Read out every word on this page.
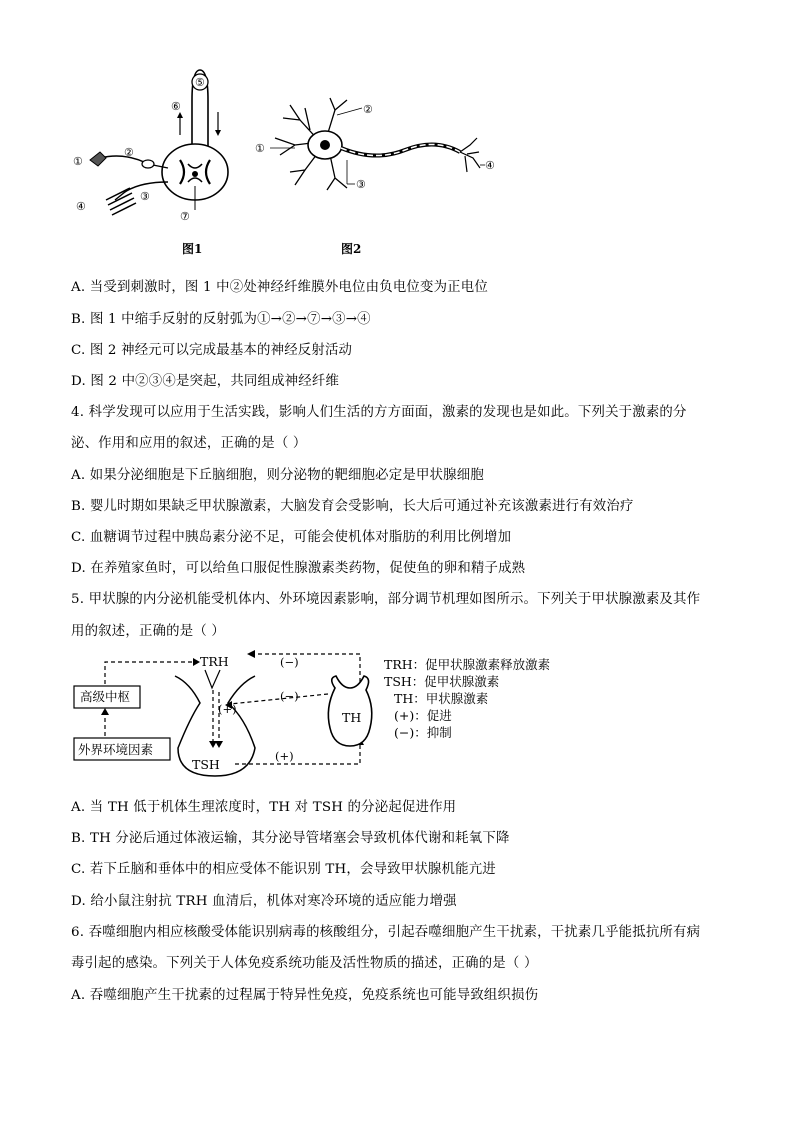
⑤
⑥
①
②
③
④
⑦
图1
②
①
③
④
图2
A. 当受到刺激时，图 1 中②处神经纤维膜外电位由负电位变为正电位
B. 图 1 中缩手反射的反射弧为①→②→⑦→③→④
C. 图 2 神经元可以完成最基本的神经反射活动
D. 图 2 中②③④是突起，共同组成神经纤维
4. 科学发现可以应用于生活实践，影响人们生活的方方面面，激素的发现也是如此。下列关于激素的分
泌、作用和应用的叙述，正确的是（ ）
A. 如果分泌细胞是下丘脑细胞，则分泌物的靶细胞必定是甲状腺细胞
B. 婴儿时期如果缺乏甲状腺激素，大脑发育会受影响，长大后可通过补充该激素进行有效治疗
C. 血糖调节过程中胰岛素分泌不足，可能会使机体对脂肪的利用比例增加
D. 在养殖家鱼时，可以给鱼口服促性腺激素类药物，促使鱼的卵和精子成熟
5. 甲状腺的内分泌机能受机体内、外环境因素影响，部分调节机理如图所示。下列关于甲状腺激素及其作
用的叙述，正确的是（ ）
高级中枢
外界环境因素
TRH
TSH
TH
(−)
(−)
(+)
(+)
TRH：促甲状腺激素释放激素
TSH：促甲状腺激素
TH：甲状腺激素
(+)：促进
(−)：抑制
A. 当 TH 低于机体生理浓度时，TH 对 TSH 的分泌起促进作用
B. TH 分泌后通过体液运输，其分泌导管堵塞会导致机体代谢和耗氧下降
C. 若下丘脑和垂体中的相应受体不能识别 TH，会导致甲状腺机能亢进
D. 给小鼠注射抗 TRH 血清后，机体对寒冷环境的适应能力增强
6. 吞噬细胞内相应核酸受体能识别病毒的核酸组分，引起吞噬细胞产生干扰素，干扰素几乎能抵抗所有病
毒引起的感染。下列关于人体免疫系统功能及活性物质的描述，正确的是（ ）
A. 吞噬细胞产生干扰素的过程属于特异性免疫，免疫系统也可能导致组织损伤
